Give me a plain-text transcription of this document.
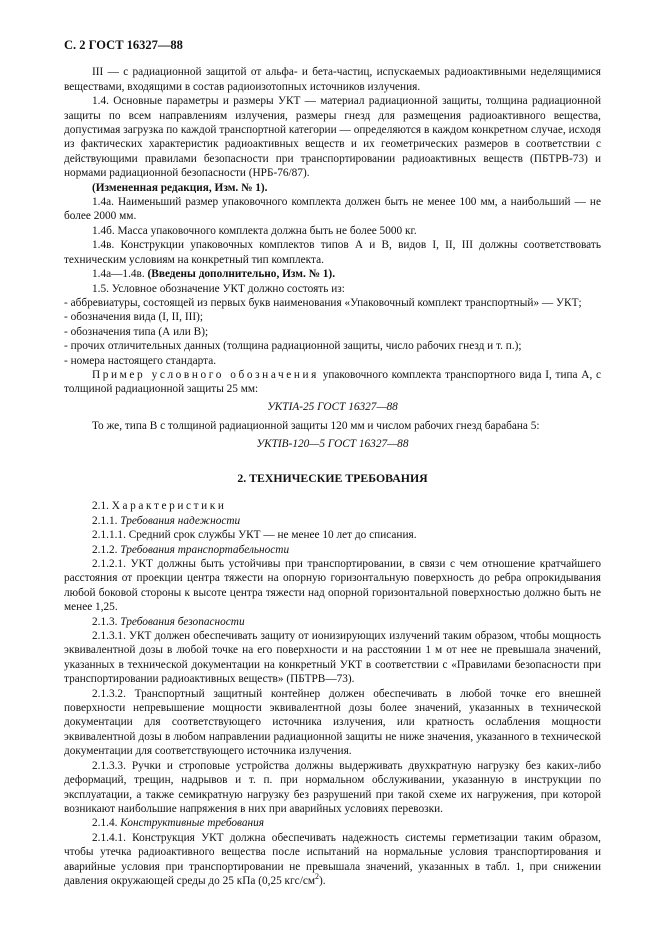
С. 2 ГОСТ 16327—88

III — с радиационной защитой от альфа- и бета-частиц, испускаемых радиоактивными неделящимися веществами, входящими в состав радиоизотопных источников излучения.

1.4. Основные параметры и размеры УКТ — материал радиационной защиты, толщина радиационной защиты по всем направлениям излучения, размеры гнезд для размещения радиоактивного вещества, допустимая загрузка по каждой транспортной категории — определяются в каждом конкретном случае, исходя из фактических характеристик радиоактивных веществ и их геометрических размеров в соответствии с действующими правилами безопасности при транспортировании радиоактивных веществ (ПБТРВ-73) и нормами радиационной безопасности (НРБ-76/87).

(Измененная редакция, Изм. № 1).

1.4а. Наименьший размер упаковочного комплекта должен быть не менее 100 мм, а наибольший — не более 2000 мм.

1.4б. Масса упаковочного комплекта должна быть не более 5000 кг.

1.4в. Конструкции упаковочных комплектов типов А и В, видов I, II, III должны соответствовать техническим условиям на конкретный тип комплекта.

1.4а—1.4в. (Введены дополнительно, Изм. № 1).

1.5. Условное обозначение УКТ должно состоять из:

- аббревиатуры, состоящей из первых букв наименования «Упаковочный комплект транспортный» — УКТ;

- обозначения вида (I, II, III);

- обозначения типа (А или В);

- прочих отличительных данных (толщина радиационной защиты, число рабочих гнезд и т. п.);

- номера настоящего стандарта.

Пример условного обозначения упаковочного комплекта транспортного вида I, типа А, с толщиной радиационной защиты 25 мм:

УКТIА-25 ГОСТ 16327—88

То же, типа В с толщиной радиационной защиты 120 мм и числом рабочих гнезд барабана 5:

УКТIВ-120—5 ГОСТ 16327—88

2. ТЕХНИЧЕСКИЕ ТРЕБОВАНИЯ

2.1. Характеристики

2.1.1. Требования надежности

2.1.1.1. Средний срок службы УКТ — не менее 10 лет до списания.

2.1.2. Требования транспортабельности

2.1.2.1. УКТ должны быть устойчивы при транспортировании, в связи с чем отношение кратчайшего расстояния от проекции центра тяжести на опорную горизонтальную поверхность до ребра опрокидывания любой боковой стороны к высоте центра тяжести над опорной горизонтальной поверхностью должно быть не менее 1,25.

2.1.3. Требования безопасности

2.1.3.1. УКТ должен обеспечивать защиту от ионизирующих излучений таким образом, чтобы мощность эквивалентной дозы в любой точке на его поверхности и на расстоянии 1 м от нее не превышала значений, указанных в технической документации на конкретный УКТ в соответствии с «Правилами безопасности при транспортировании радиоактивных веществ» (ПБТРВ—73).

2.1.3.2. Транспортный защитный контейнер должен обеспечивать в любой точке его внешней поверхности непревышение мощности эквивалентной дозы более значений, указанных в технической документации для соответствующего источника излучения, или кратность ослабления мощности эквивалентной дозы в любом направлении радиационной защиты не ниже значения, указанного в технической документации для соответствующего источника излучения.

2.1.3.3. Ручки и строповые устройства должны выдерживать двухкратную нагрузку без каких-либо деформаций, трещин, надрывов и т. п. при нормальном обслуживании, указанную в инструкции по эксплуатации, а также семикратную нагрузку без разрушений при такой схеме их нагружения, при которой возникают наибольшие напряжения в них при аварийных условиях перевозки.

2.1.4. Конструктивные требования

2.1.4.1. Конструкция УКТ должна обеспечивать надежность системы герметизации таким образом, чтобы утечка радиоактивного вещества после испытаний на нормальные условия транспортирования и аварийные условия при транспортировании не превышала значений, указанных в табл. 1, при снижении давления окружающей среды до 25 кПа (0,25 кгс/$см^2$).
